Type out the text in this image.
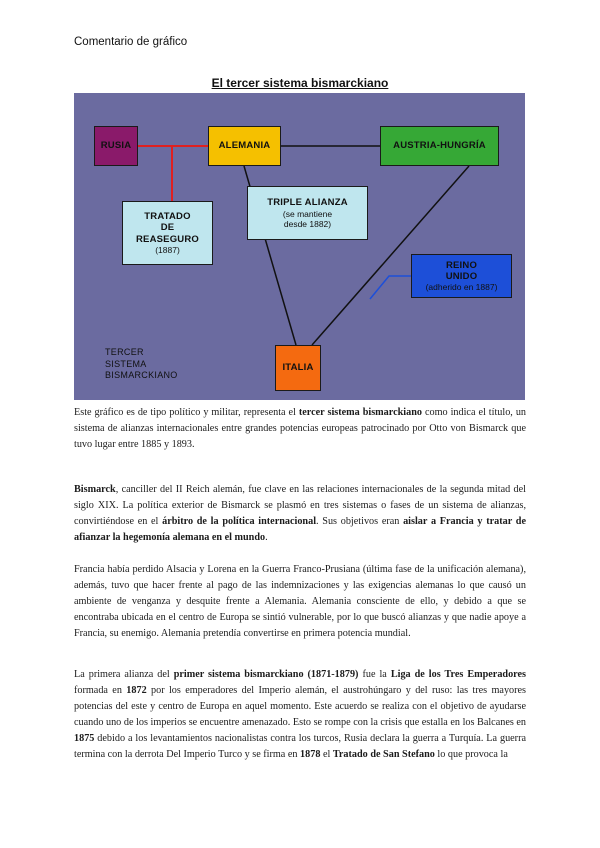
Comentario de gráfico
El tercer sistema bismarckiano
RUSIA	ALEMANIA	AUSTRIA-HUNGRÍA
TRATADO
DE
REASEGURO
(1887)
TRIPLE ALIANZA
(se mantiene
desde 1882)
REINO
UNIDO
(adherido en 1887)
ITALIA
TERCER
SISTEMA
BISMARCKIANO

Este gráfico es de tipo político y militar, representa el tercer sistema bismarckiano como indica el título, un sistema de alianzas internacionales entre grandes potencias europeas patrocinado por Otto von Bismarck que tuvo lugar entre 1885 y 1893.

Bismarck, canciller del II Reich alemán, fue clave en las relaciones internacionales de la segunda mitad del siglo XIX. La política exterior de Bismarck se plasmó en tres sistemas o fases de un sistema de alianzas, convirtiéndose en el árbitro de la política internacional. Sus objetivos eran aislar a Francia y tratar de afianzar la hegemonía alemana en el mundo.

Francia había perdido Alsacia y Lorena en la Guerra Franco-Prusiana (última fase de la unificación alemana), además, tuvo que hacer frente al pago de las indemnizaciones y las exigencias alemanas lo que causó un ambiente de venganza y desquite frente a Alemania. Alemania consciente de ello, y debido a que se encontraba ubicada en el centro de Europa se sintió vulnerable, por lo que buscó alianzas y que nadie apoye a Francia, su enemigo. Alemania pretendía convertirse en primera potencia mundial.

La primera alianza del primer sistema bismarckiano (1871-1879) fue la Liga de los Tres Emperadores formada en 1872 por los emperadores del Imperio alemán, el austrohúngaro y del ruso: las tres mayores potencias del este y centro de Europa en aquel momento. Este acuerdo se realiza con el objetivo de ayudarse cuando uno de los imperios se encuentre amenazado. Esto se rompe con la crisis que estalla en los Balcanes en 1875 debido a los levantamientos nacionalistas contra los turcos, Rusia declara la guerra a Turquía. La guerra termina con la derrota Del Imperio Turco y se firma en 1878 el Tratado de San Stefano lo que provoca la
